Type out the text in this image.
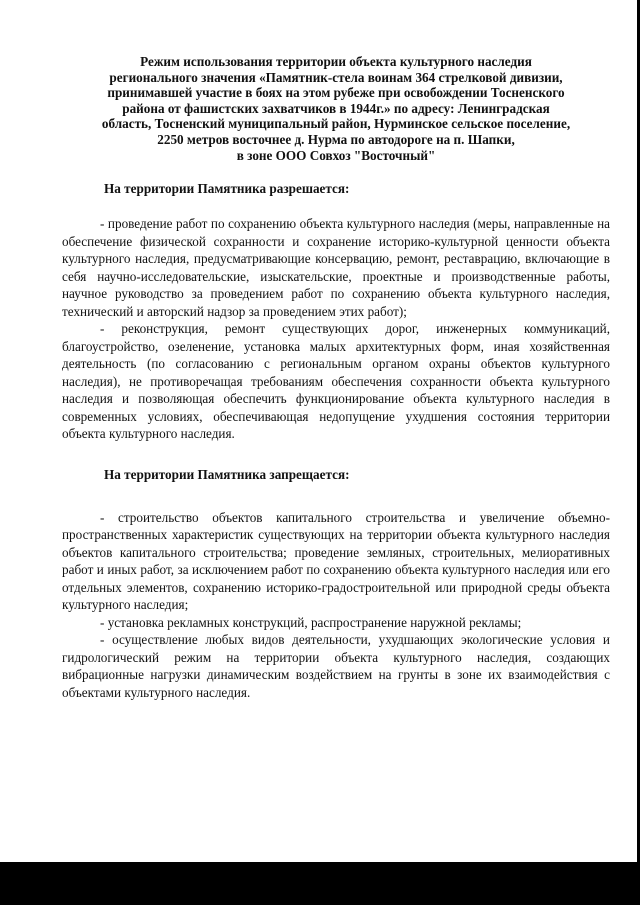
Режим использования территории объекта культурного наследия
регионального значения «Памятник-стела воинам 364 стрелковой дивизии,
принимавшей участие в боях на этом рубеже при освобождении Тосненского
района от фашистских захватчиков в 1944г.» по адресу: Ленинградская
область, Тосненский муниципальный район, Нурминское сельское поселение,
2250 метров восточнее д. Нурма по автодороге на п. Шапки,
в зоне ООО Совхоз "Восточный"

На территории Памятника разрешается:

- проведение работ по сохранению объекта культурного наследия (меры, направленные на обеспечение физической сохранности и сохранение историко-культурной ценности объекта культурного наследия, предусматривающие консервацию, ремонт, реставрацию, включающие в себя научно-исследовательские, изыскательские, проектные и производственные работы, научное руководство за проведением работ по сохранению объекта культурного наследия, технический и авторский надзор за проведением этих работ);

- реконструкция, ремонт существующих дорог, инженерных коммуникаций, благоустройство, озеленение, установка малых архитектурных форм, иная хозяйственная деятельность (по согласованию с региональным органом охраны объектов культурного наследия), не противоречащая требованиям обеспечения сохранности объекта культурного наследия и позволяющая обеспечить функционирование объекта культурного наследия в современных условиях, обеспечивающая недопущение ухудшения состояния территории объекта культурного наследия.

На территории Памятника запрещается:

- строительство объектов капитального строительства и увеличение объемно-пространственных характеристик существующих на территории объекта культурного наследия объектов капитального строительства; проведение земляных, строительных, мелиоративных работ и иных работ, за исключением работ по сохранению объекта культурного наследия или его отдельных элементов, сохранению историко-градостроительной или природной среды объекта культурного наследия;

- установка рекламных конструкций, распространение наружной рекламы;

- осуществление любых видов деятельности, ухудшающих экологические условия и гидрологический режим на территории объекта культурного наследия, создающих вибрационные нагрузки динамическим воздействием на грунты в зоне их взаимодействия с объектами культурного наследия.
